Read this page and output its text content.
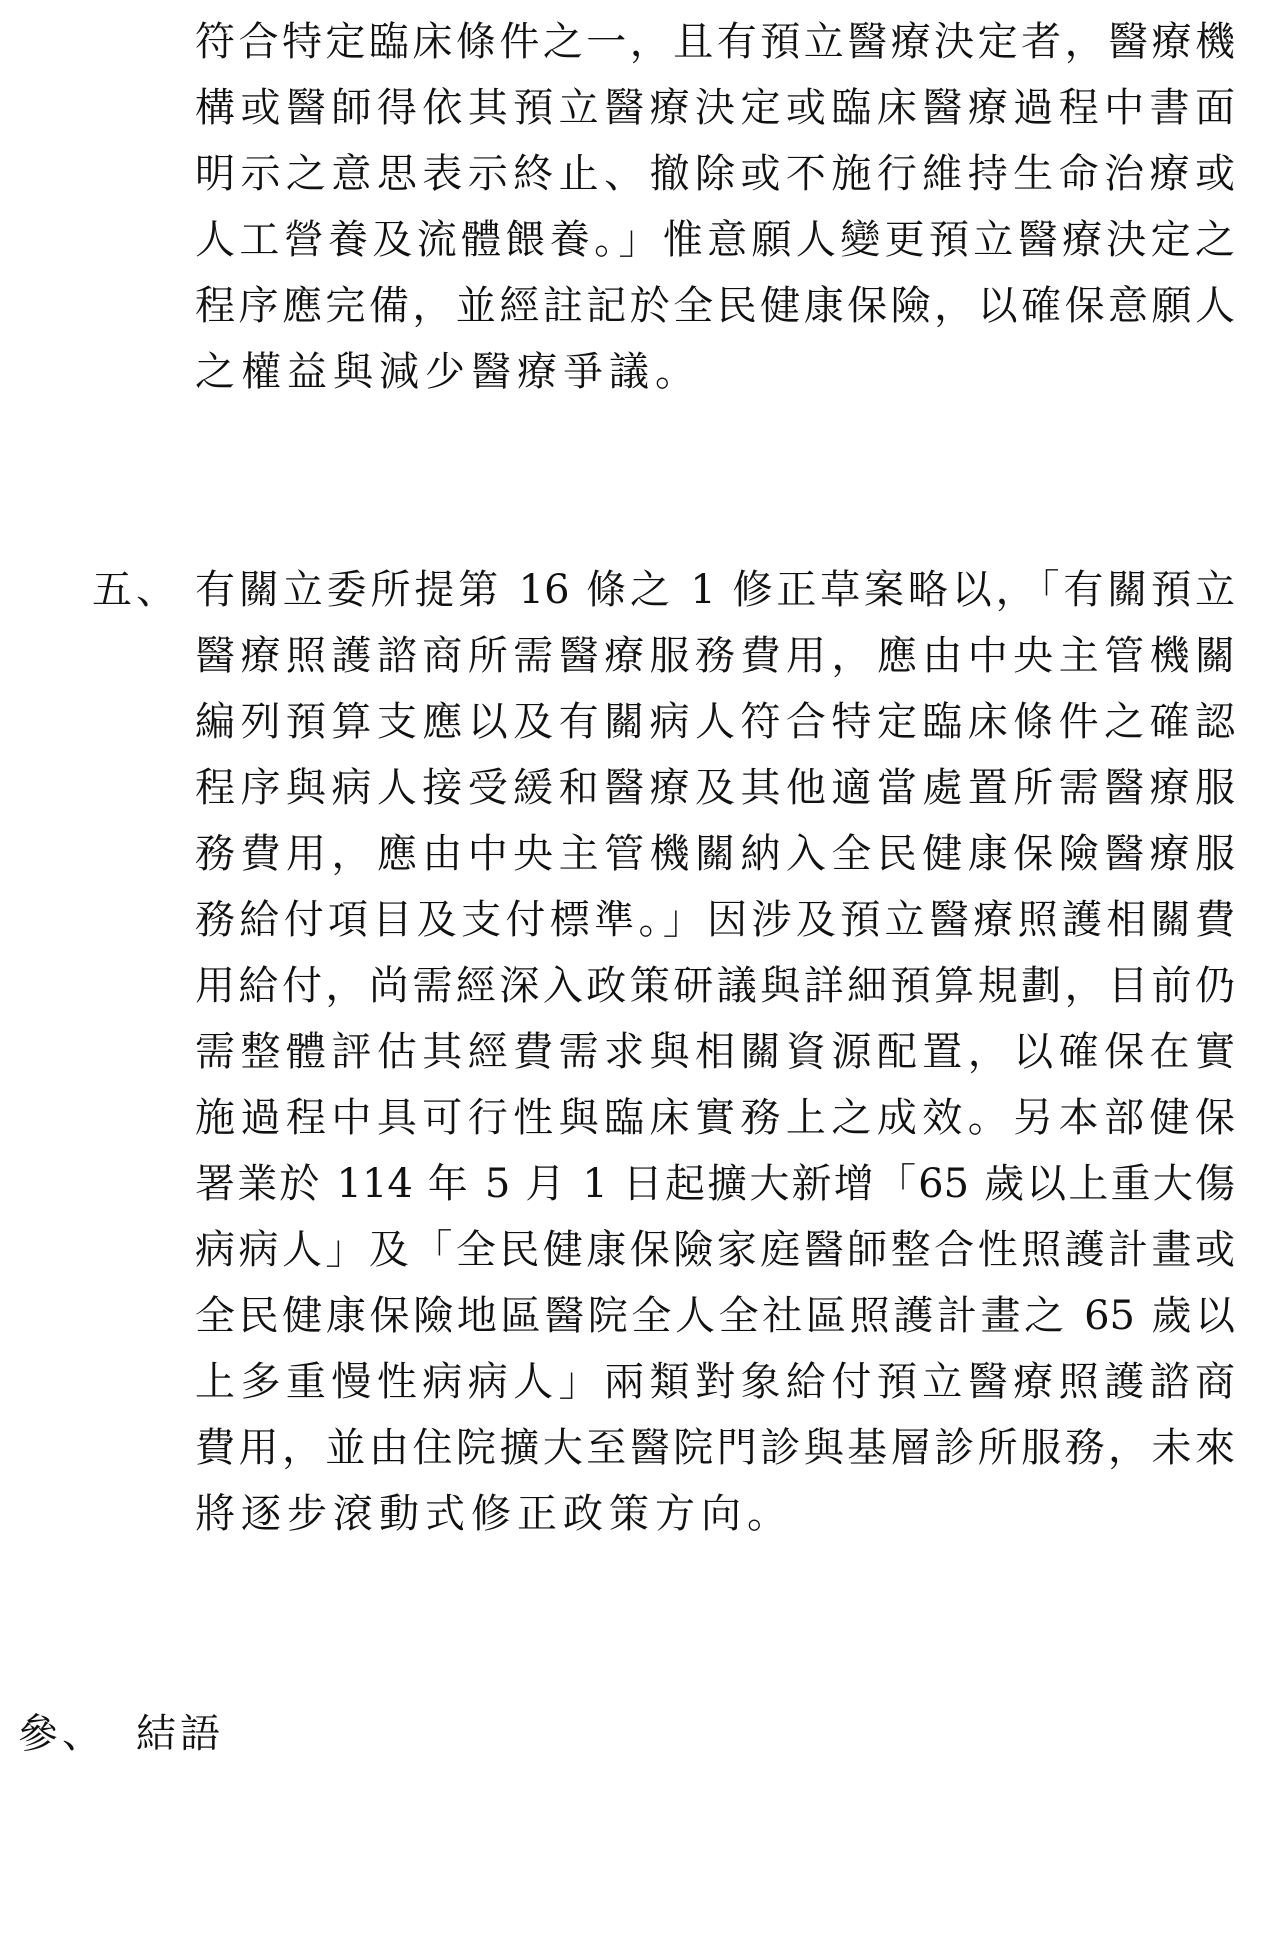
符合特定臨床條件之一，且有預立醫療決定者，醫療機
構或醫師得依其預立醫療決定或臨床醫療過程中書面
明示之意思表示終止、撤除或不施行維持生命治療或
人工營養及流體餵養。」惟意願人變更預立醫療決定之
程序應完備，並經註記於全民健康保險，以確保意願人
之權益與減少醫療爭議。
五、 有關立委所提第 16 條之 1 修正草案略以，「有關預立
醫療照護諮商所需醫療服務費用，應由中央主管機關
編列預算支應以及有關病人符合特定臨床條件之確認
程序與病人接受緩和醫療及其他適當處置所需醫療服
務費用，應由中央主管機關納入全民健康保險醫療服
務給付項目及支付標準。」因涉及預立醫療照護相關費
用給付，尚需經深入政策研議與詳細預算規劃，目前仍
需整體評估其經費需求與相關資源配置，以確保在實
施過程中具可行性與臨床實務上之成效。另本部健保
署業於 114 年 5 月 1 日起擴大新增「65 歲以上重大傷
病病人」及「全民健康保險家庭醫師整合性照護計畫或
全民健康保險地區醫院全人全社區照護計畫之 65 歲以
上多重慢性病病人」兩類對象給付預立醫療照護諮商
費用，並由住院擴大至醫院門診與基層診所服務，未來
將逐步滾動式修正政策方向。
參、 結語
